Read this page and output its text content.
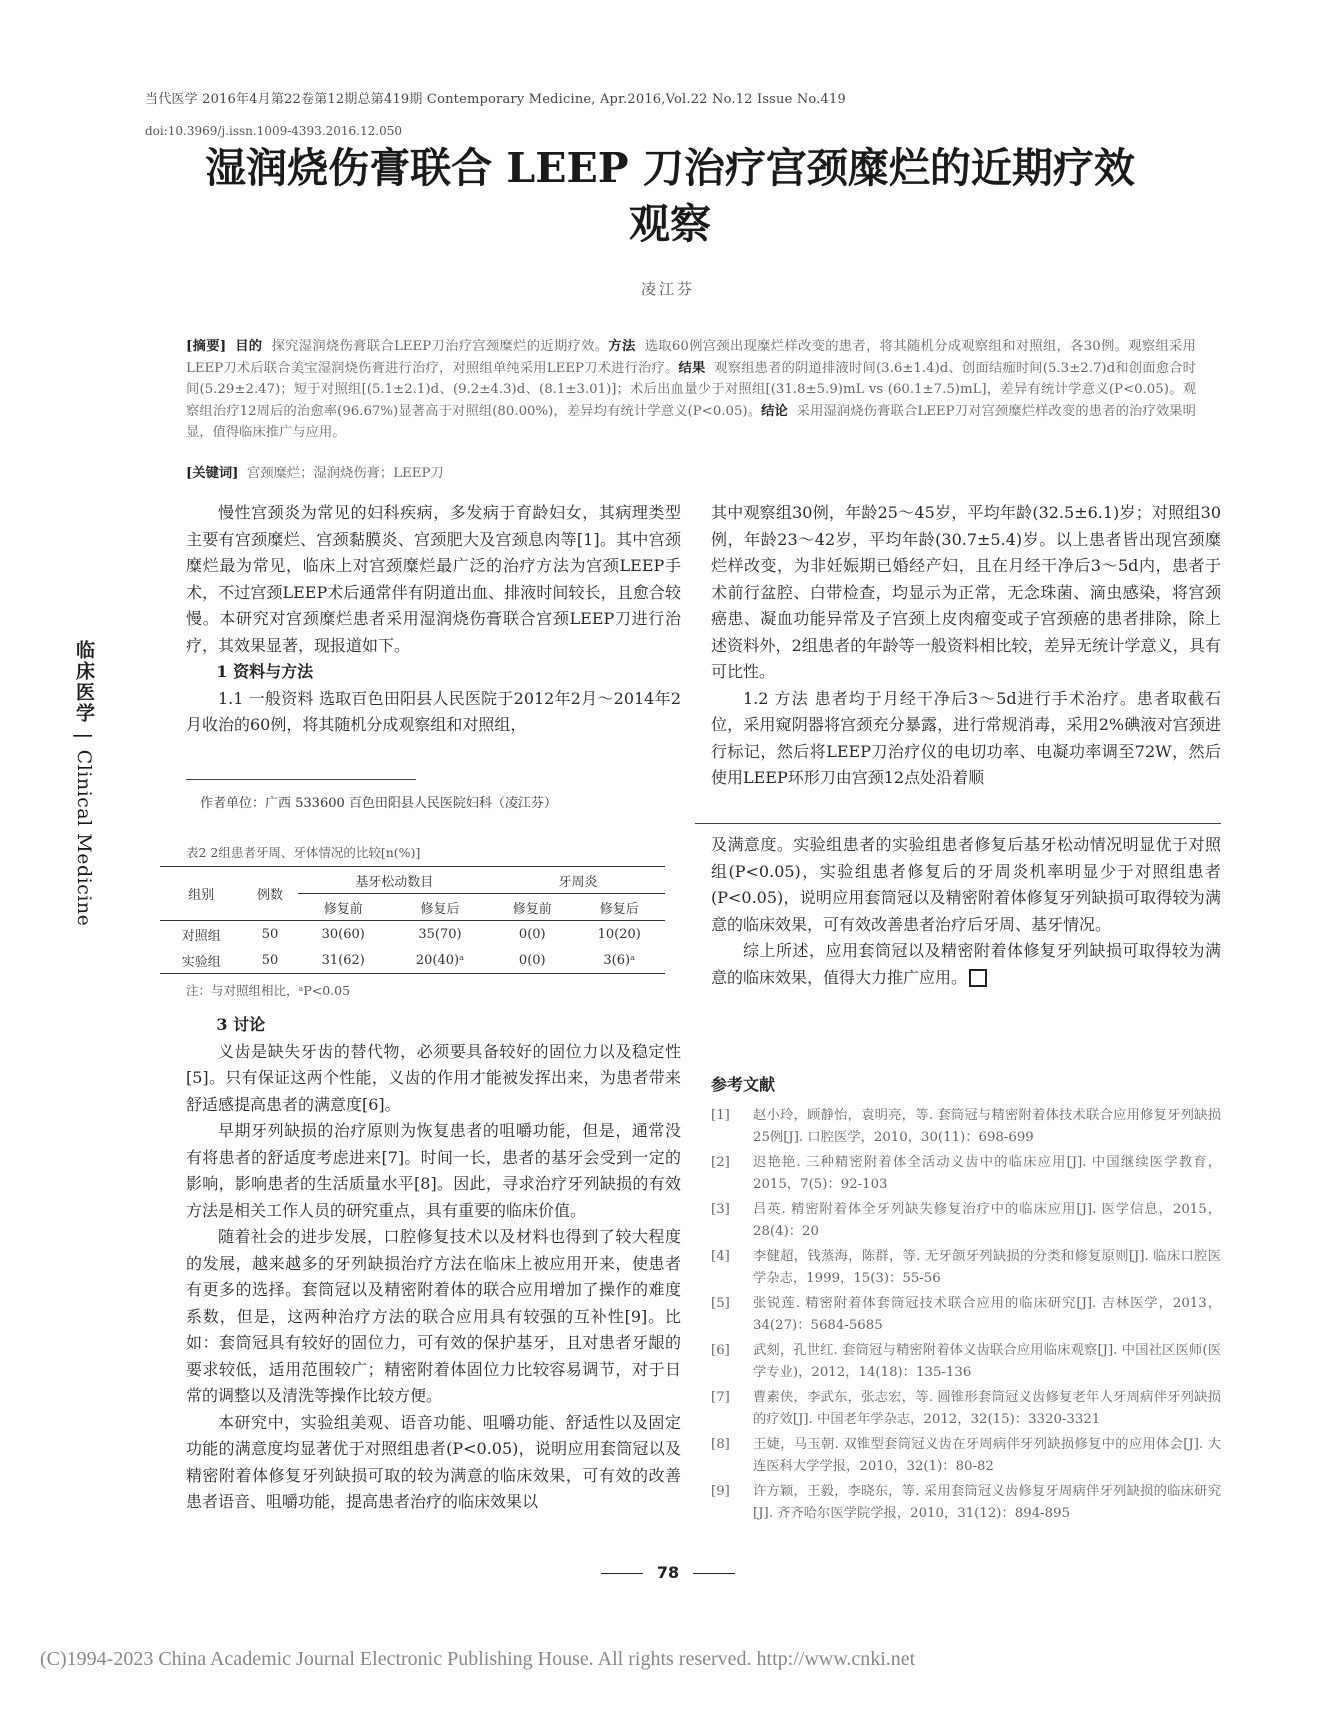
当代医学 2016年4月第22卷第12期总第419期 Contemporary Medicine, Apr.2016,Vol.22 No.12 Issue No.419
doi:10.3969/j.issn.1009-4393.2016.12.050
湿润烧伤膏联合 LEEP 刀治疗宫颈糜烂的近期疗效
观察
凌江芬
[摘要] 目的 探究湿润烧伤膏联合LEEP刀治疗宫颈糜烂的近期疗效。方法 选取60例宫颈出现糜烂样改变的患者，将其随机分成观察组和对照组，各30例。观察组采用LEEP刀术后联合美宝湿润烧伤膏进行治疗，对照组单纯采用LEEP刀术进行治疗。结果 观察组患者的阴道排液时间(3.6±1.4)d、创面结痂时间(5.3±2.7)d和创面愈合时间(5.29±2.47)；短于对照组[(5.1±2.1)d、(9.2±4.3)d、(8.1±3.01)]；术后出血量少于对照组[(31.8±5.9)mL vs (60.1±7.5)mL]，差异有统计学意义(P<0.05)。观察组治疗12周后的治愈率(96.67%)显著高于对照组(80.00%)，差异均有统计学意义(P<0.05)。结论 采用湿润烧伤膏联合LEEP刀对宫颈糜烂样改变的患者的治疗效果明显，值得临床推广与应用。
[关键词] 宫颈糜烂；湿润烧伤膏；LEEP刀
临床医学 | Clinical Medicine

慢性宫颈炎为常见的妇科疾病，多发病于育龄妇女，其病理类型主要有宫颈糜烂、宫颈黏膜炎、宫颈肥大及宫颈息肉等[1]。其中宫颈糜烂最为常见，临床上对宫颈糜烂最广泛的治疗方法为宫颈LEEP手术，不过宫颈LEEP术后通常伴有阴道出血、排液时间较长，且愈合较慢。本研究对宫颈糜烂患者采用湿润烧伤膏联合宫颈LEEP刀进行治疗，其效果显著，现报道如下。

1 资料与方法

1.1 一般资料 选取百色田阳县人民医院于2012年2月～2014年2月收治的60例，将其随机分成观察组和对照组，

作者单位：广西 533600 百色田阳县人民医院妇科（凌江芬）

其中观察组30例，年龄25～45岁，平均年龄(32.5±6.1)岁；对照组30例，年龄23～42岁，平均年龄(30.7±5.4)岁。以上患者皆出现宫颈糜烂样改变，为非妊娠期已婚经产妇，且在月经干净后3～5d内，患者于术前行盆腔、白带检查，均显示为正常，无念珠菌、滴虫感染，将宫颈癌患、凝血功能异常及子宫颈上皮肉瘤变或子宫颈癌的患者排除，除上述资料外，2组患者的年龄等一般资料相比较，差异无统计学意义，具有可比性。

1.2 方法 患者均于月经干净后3～5d进行手术治疗。患者取截石位，采用窥阴器将宫颈充分暴露，进行常规消毒，采用2%碘液对宫颈进行标记，然后将LEEP刀治疗仪的电切功率、电凝功率调至72W，然后使用LEEP环形刀由宫颈12点处沿着顺

表2 2组患者牙周、牙体情况的比较[n(%)]
组别	例数	基牙松动数目		牙周炎	
		修复前	修复后	修复前	修复后
对照组	50	30(60)	35(70)	0(0)	10(20)
实验组	50	31(62)	20(40)ᵃ	0(0)	3(6)ᵃ
注：与对照组相比，ᵃP<0.05

3 讨论

义齿是缺失牙齿的替代物，必须要具备较好的固位力以及稳定性[5]。只有保证这两个性能，义齿的作用才能被发挥出来，为患者带来舒适感提高患者的满意度[6]。

早期牙列缺损的治疗原则为恢复患者的咀嚼功能，但是，通常没有将患者的舒适度考虑进来[7]。时间一长，患者的基牙会受到一定的影响，影响患者的生活质量水平[8]。因此，寻求治疗牙列缺损的有效方法是相关工作人员的研究重点，具有重要的临床价值。

随着社会的进步发展，口腔修复技术以及材料也得到了较大程度的发展，越来越多的牙列缺损治疗方法在临床上被应用开来，使患者有更多的选择。套筒冠以及精密附着体的联合应用增加了操作的难度系数，但是，这两种治疗方法的联合应用具有较强的互补性[9]。比如：套筒冠具有较好的固位力，可有效的保护基牙，且对患者牙龈的要求较低，适用范围较广；精密附着体固位力比较容易调节，对于日常的调整以及清洗等操作比较方便。

本研究中，实验组美观、语音功能、咀嚼功能、舒适性以及固定功能的满意度均显著优于对照组患者(P<0.05)，说明应用套筒冠以及精密附着体修复牙列缺损可取的较为满意的临床效果，可有效的改善患者语音、咀嚼功能，提高患者治疗的临床效果以

及满意度。实验组患者的实验组患者修复后基牙松动情况明显优于对照组(P<0.05)，实验组患者修复后的牙周炎机率明显少于对照组患者(P<0.05)，说明应用套筒冠以及精密附着体修复牙列缺损可取得较为满意的临床效果，可有效改善患者治疗后牙周、基牙情况。

综上所述，应用套筒冠以及精密附着体修复牙列缺损可取得较为满意的临床效果，值得大力推广应用。

参考文献
[1]	赵小玲，顾静怡，袁明亮，等. 套筒冠与精密附着体技术联合应用修复牙列缺损25例[J]. 口腔医学，2010，30(11)：698-699
[2]	迟艳艳. 三种精密附着体全活动义齿中的临床应用[J]. 中国继续医学教育，2015，7(5)：92-103
[3]	吕英. 精密附着体全牙列缺失修复治疗中的临床应用[J]. 医学信息，2015，28(4)：20
[4]	李健超，钱蒸海，陈群，等. 无牙颌牙列缺损的分类和修复原则[J]. 临床口腔医学杂志，1999，15(3)：55-56
[5]	张锐莲. 精密附着体套筒冠技术联合应用的临床研究[J]. 吉林医学，2013，34(27)：5684-5685
[6]	武刻，孔世红. 套筒冠与精密附着体义齿联合应用临床观察[J]. 中国社区医师(医学专业)，2012，14(18)：135-136
[7]	曹素侠，李武东，张志宏，等. 圆锥形套筒冠义齿修复老年人牙周病伴牙列缺损的疗效[J]. 中国老年学杂志，2012，32(15)：3320-3321
[8]	王婕，马玉朝. 双锥型套筒冠义齿在牙周病伴牙列缺损修复中的应用体会[J]. 大连医科大学学报，2010，32(1)：80-82
[9]	许方颖，王毅，李晓东，等. 采用套筒冠义齿修复牙周病伴牙列缺损的临床研究[J]. 齐齐哈尔医学院学报，2010，31(12)：894-895
78
(C)1994-2023 China Academic Journal Electronic Publishing House. All rights reserved. http://www.cnki.net
